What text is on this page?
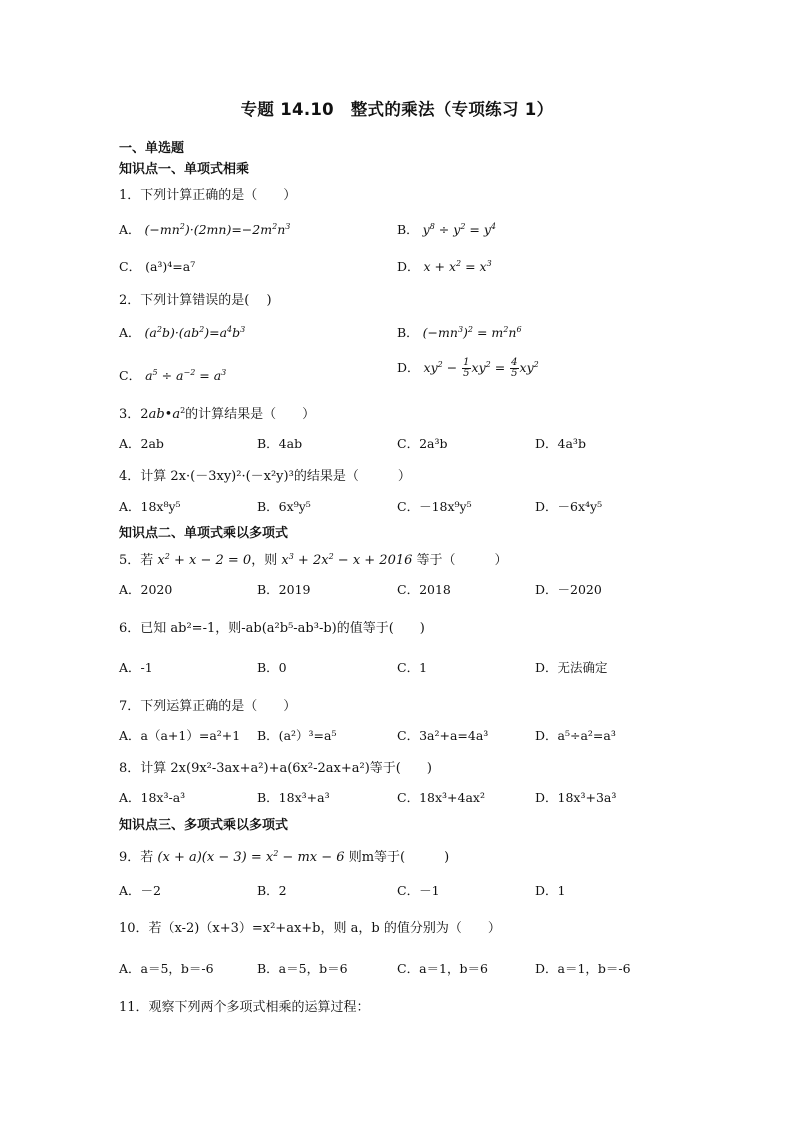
专题 14.10　整式的乘法（专项练习 1）
一、单选题
知识点一、单项式相乘
1．下列计算正确的是（　　）
A． $(-mn^2)\cdot(2mn)=-2m^2n^3$	B． $y^8 \div y^2 = y^4$
C． (a³)⁴=a⁷	D． $x + x^2 = x^3$
2．下列计算错误的是(　 )
A． $(a^2b)\cdot(ab^2)=a^4b^3$	B． $(-mn^3)^2 = m^2n^6$
C． $a^5 \div a^{-2} = a^3$	D． $xy^2 - \frac{1}{5} xy^2 = \frac{4}{5} xy^2$
3．$2ab•a^2$的计算结果是（　　）
A．2ab	B．4ab	C．2a³b	D．4a³b
4．计算 2x·(－3xy)²·(－x²y)³的结果是（　　　）
A．18x⁸y⁵	B．6x⁹y⁵	C．－18x⁹y⁵	D．－6x⁴y⁵
知识点二、单项式乘以多项式
5．若 $x^2 + x - 2 = 0$，则 $x^3 + 2x^2 - x + 2016$ 等于（　　　）
A．2020	B．2019	C．2018	D．－2020
6．已知 ab²=-1，则-ab(a²b⁵-ab³-b)的值等于(　　)
A．-1	B．0	C．1	D．无法确定
7．下列运算正确的是（　　）
A．a（a+1）=a²+1 B．(a²）³=a⁵	C．3a²+a=4a³	D．a⁵÷a²=a³
8．计算 2x(9x²-3ax+a²)+a(6x²-2ax+a²)等于(　　)
A．18x³-a³	B．18x³+a³	C．18x³+4ax²	D．18x³+3a³
知识点三、多项式乘以多项式
9．若 $(x + a)(x - 3) = x^2$ − mx − 6 则m等于(　　　)
A．－2	B．2	C．－1	D．1
10．若（x-2)（x+3）=x²+ax+b，则 a，b 的值分别为（　　）
A．a＝5，b＝-6	B．a＝5，b＝6	C．a＝1，b＝6	D．a＝1，b＝-6
11．观察下列两个多项式相乘的运算过程：
